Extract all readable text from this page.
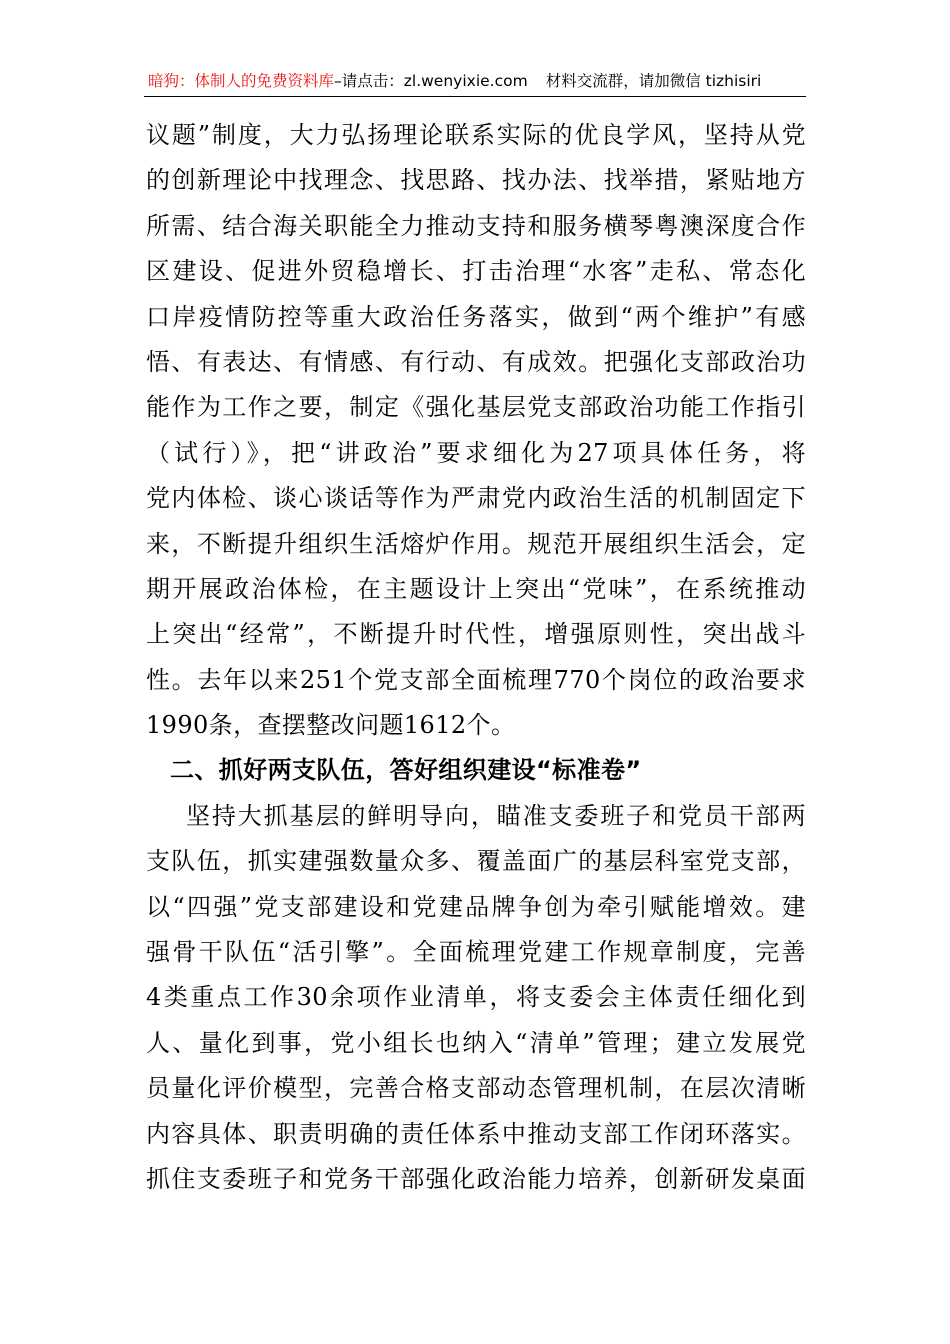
暗狗：体制人的免费资料库–请点击：zl.wenyixie.com 材料交流群，请加微信 tizhisiri
议题”制度，大力弘扬理论联系实际的优良学风，坚持从党
的创新理论中找理念、找思路、找办法、找举措，紧贴地方
所需、结合海关职能全力推动支持和服务横琴粤澳深度合作
区建设、促进外贸稳增长、打击治理“水客”走私、常态化
口岸疫情防控等重大政治任务落实，做到“两个维护”有感
悟、有表达、有情感、有行动、有成效。把强化支部政治功
能作为工作之要，制定《强化基层党支部政治功能工作指引
（试行）》，把“讲政治”要求细化为27项具体任务，将
党内体检、谈心谈话等作为严肃党内政治生活的机制固定下
来，不断提升组织生活熔炉作用。规范开展组织生活会，定
期开展政治体检，在主题设计上突出“党味”，在系统推动
上突出“经常”，不断提升时代性，增强原则性，突出战斗
性。去年以来251个党支部全面梳理770个岗位的政治要求
1990条，查摆整改问题1612个。
二、抓好两支队伍，答好组织建设“标准卷”
坚持大抓基层的鲜明导向，瞄准支委班子和党员干部两
支队伍，抓实建强数量众多、覆盖面广的基层科室党支部，
以“四强”党支部建设和党建品牌争创为牵引赋能增效。建
强骨干队伍“活引擎”。全面梳理党建工作规章制度，完善
4类重点工作30余项作业清单，将支委会主体责任细化到
人、量化到事，党小组长也纳入“清单”管理；建立发展党
员量化评价模型，完善合格支部动态管理机制，在层次清晰
内容具体、职责明确的责任体系中推动支部工作闭环落实。
抓住支委班子和党务干部强化政治能力培养，创新研发桌面
